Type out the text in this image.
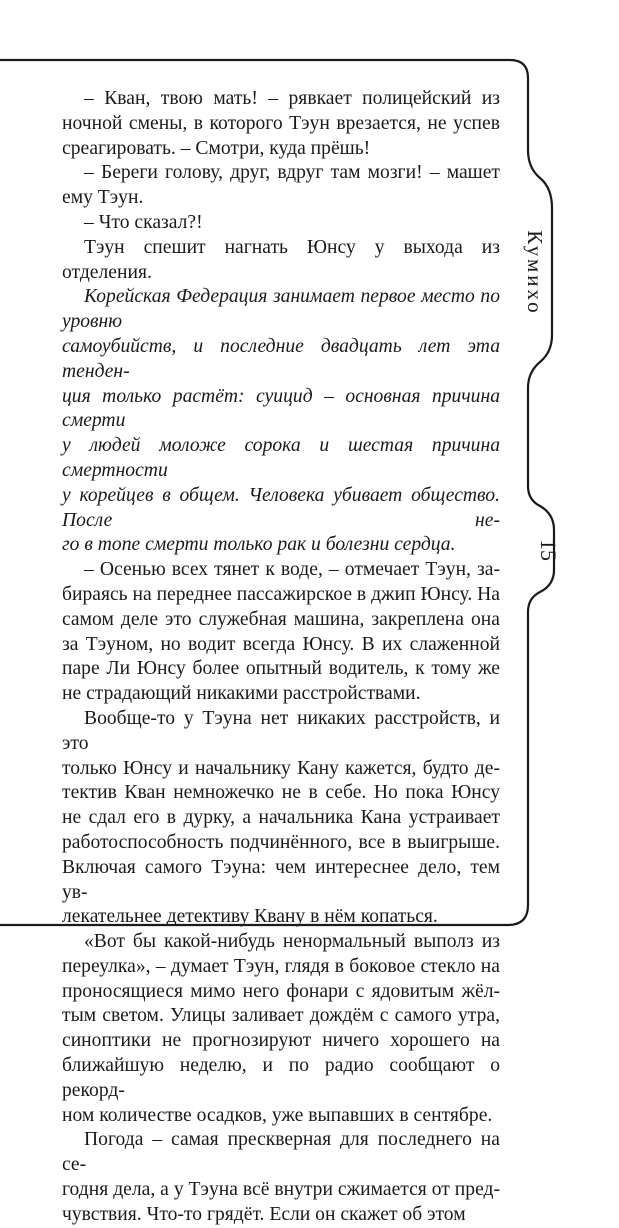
Кумихо
15

– Кван, твою мать! – рявкает полицейский из
ночной смены, в которого Тэун врезается, не успев
среагировать. – Смотри, куда прёшь!

– Береги голову, друг, вдруг там мозги! – машет
ему Тэун.

– Что сказал?!

Тэун спешит нагнать Юнсу у выхода из отделения.

Корейская Федерация занимает первое место по уровню
самоубийств, и последние двадцать лет эта тенден-
ция только растёт: суицид – основная причина смерти
у людей моложе сорока и шестая причина смертности
у корейцев в общем. Человека убивает общество. После не-
го в топе смерти только рак и болезни сердца.

– Осенью всех тянет к воде, – отмечает Тэун, за-
бираясь на переднее пассажирское в джип Юнсу. На
самом деле это служебная машина, закреплена она
за Тэуном, но водит всегда Юнсу. В их слаженной
паре Ли Юнсу более опытный водитель, к тому же
не страдающий никакими расстройствами.

Вообще-то у Тэуна нет никаких расстройств, и это
только Юнсу и начальнику Кану кажется, будто де-
тектив Кван немножечко не в себе. Но пока Юнсу
не сдал его в дурку, а начальника Кана устраивает
работоспособность подчинённого, все в выигрыше.
Включая самого Тэуна: чем интереснее дело, тем ув-
лекательнее детективу Квану в нём копаться.

«Вот бы какой-нибудь ненормальный выполз из
переулка», – думает Тэун, глядя в боковое стекло на
проносящиеся мимо него фонари с ядовитым жёл-
тым светом. Улицы заливает дождём с самого утра,
синоптики не прогнозируют ничего хорошего на
ближайшую неделю, и по радио сообщают о рекорд-
ном количестве осадков, уже выпавших в сентябре.

Погода – самая прескверная для последнего на се-
годня дела, а у Тэуна всё внутри сжимается от пред-
чувствия. Что-то грядёт. Если он скажет об этом
